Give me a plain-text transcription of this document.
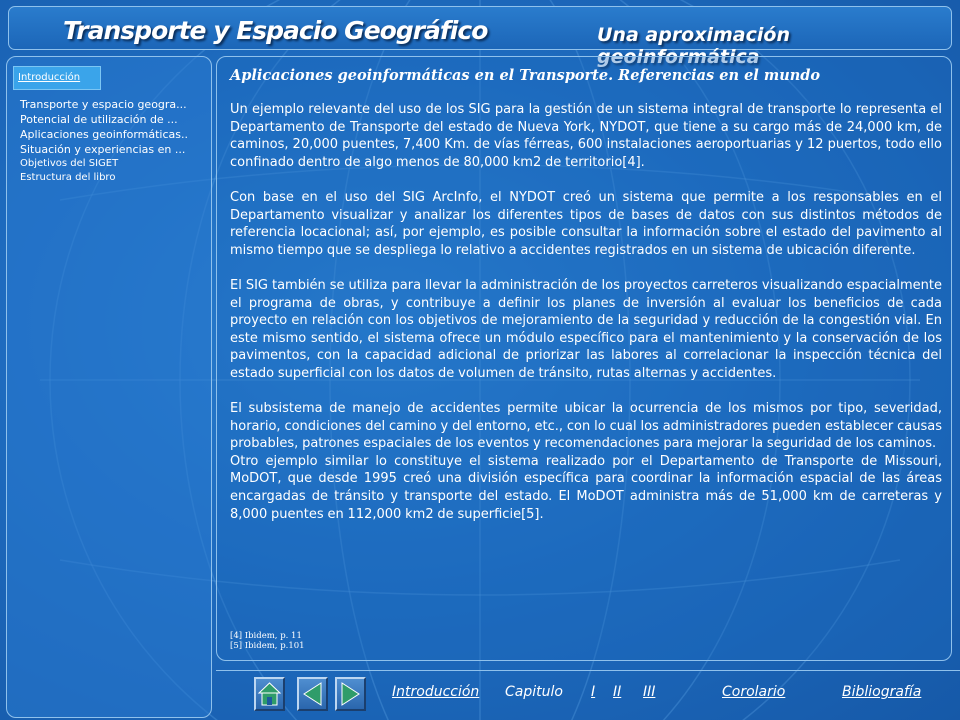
Transporte y Espacio Geográfico	Una aproximación geoinformática
Introducción
Transporte y espacio geogra...
Potencial de utilización de ...
Aplicaciones geoinformáticas..
Situación y experiencias en ...
Objetivos del SIGET
Estructura del libro
Aplicaciones geoinformáticas en el Transporte. Referencias en el mundo

Un ejemplo relevante del uso de los SIG para la gestión de un sistema integral de transporte lo representa el Departamento de Transporte del estado de Nueva York, NYDOT, que tiene a su cargo más de 24,000 km, de caminos, 20,000 puentes, 7,400 Km. de vías férreas, 600 instalaciones aeroportuarias y 12 puertos, todo ello confinado dentro de algo menos de 80,000 km2 de territorio[4].

Con base en el uso del SIG ArcInfo, el NYDOT creó un sistema que permite a los responsables en el Departamento visualizar y analizar los diferentes tipos de bases de datos con sus distintos métodos de referencia locacional; así, por ejemplo, es posible consultar la información sobre el estado del pavimento al mismo tiempo que se despliega lo relativo a accidentes registrados en un sistema de ubicación diferente.

El SIG también se utiliza para llevar la administración de los proyectos carreteros visualizando espacialmente el programa de obras, y contribuye a definir los planes de inversión al evaluar los beneficios de cada proyecto en relación con los objetivos de mejoramiento de la seguridad y reducción de la congestión vial. En este mismo sentido, el sistema ofrece un módulo específico para el mantenimiento y la conservación de los pavimentos, con la capacidad adicional de priorizar las labores al correlacionar la inspección técnica del estado superficial con los datos de volumen de tránsito, rutas alternas y accidentes.

El subsistema de manejo de accidentes permite ubicar la ocurrencia de los mismos por tipo, severidad, horario, condiciones del camino y del entorno, etc., con lo cual los administradores pueden establecer causas probables, patrones espaciales de los eventos y recomendaciones para mejorar la seguridad de los caminos.

Otro ejemplo similar lo constituye el sistema realizado por el Departamento de Transporte de Missouri, MoDOT, que desde 1995 creó una división específica para coordinar la información espacial de las áreas encargadas de tránsito y transporte del estado. El MoDOT administra más de 51,000 km de carreteras y 8,000 puentes en 112,000 km2 de superficie[5].

[4] Ibidem, p. 11
[5] Ibidem, p.101
Introducción Capitulo I II III	Corolario	Bibliografía
